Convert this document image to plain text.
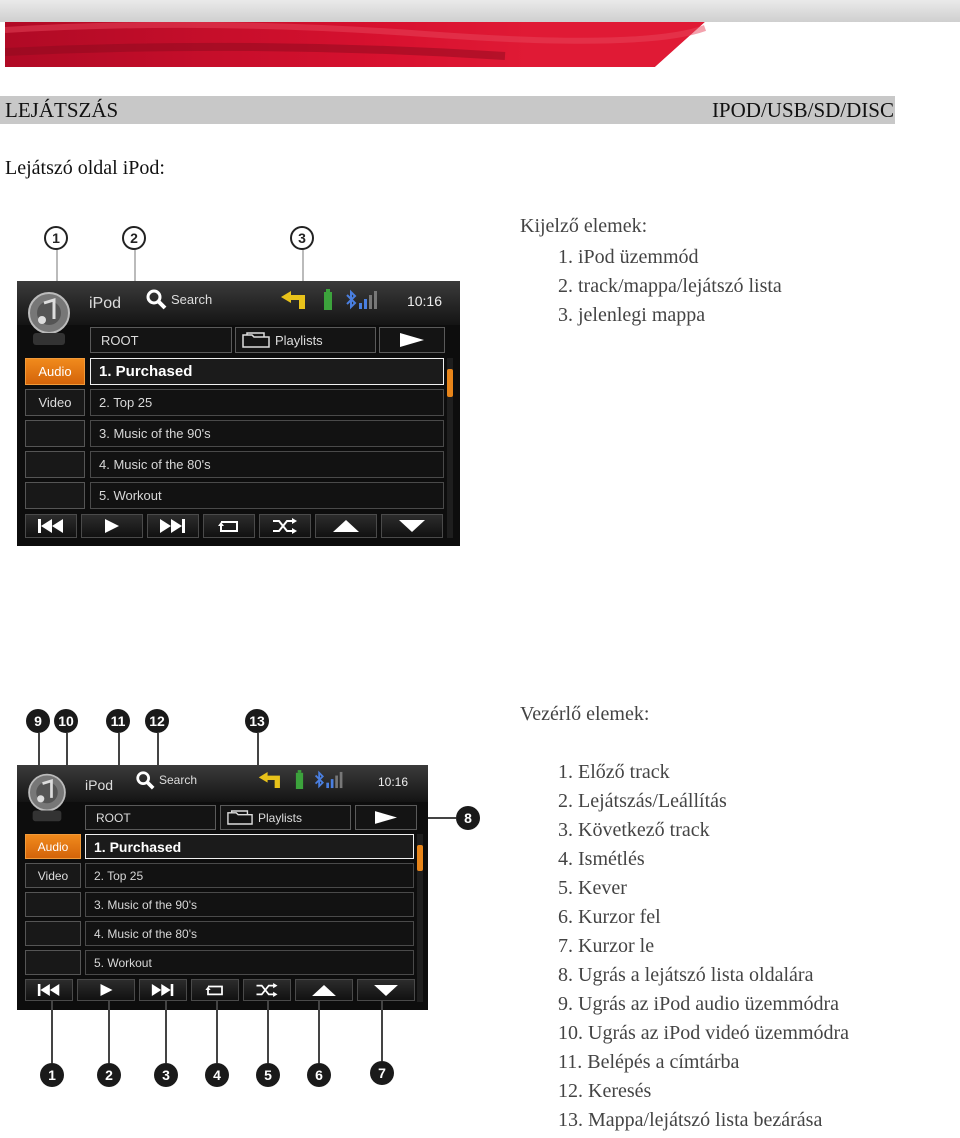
LEJÁTSZÁS	IPOD/USB/SD/DISC
Lejátszó oldal iPod:
Kijelző elemek:
1. iPod üzemmód
2. track/mappa/lejátszó lista
3. jelenlegi mappa
Vezérlő elemek:
1. Előző track
2. Lejátszás/Leállítás
3. Következő track
4. Ismétlés
5. Kever
6. Kurzor fel
7. Kurzor le
8. Ugrás a lejátszó lista oldalára
9. Ugrás az iPod audio üzemmódra
10. Ugrás az iPod videó üzemmódra
11. Belépés a címtárba
12. Keresés
13. Mappa/lejátszó lista bezárása
1	2	3
iPod	Search	10:16
ROOT	Playlists
Audio
Video
1. Purchased
2. Top 25
3. Music of the 90's
4. Music of the 80's
5. Workout
9	10	11	12	13
8
iPod	Search	10:16
ROOT	Playlists
Audio
Video
1. Purchased
2. Top 25
3. Music of the 90's
4. Music of the 80's
5. Workout
1	2	3	4	5	6	7
